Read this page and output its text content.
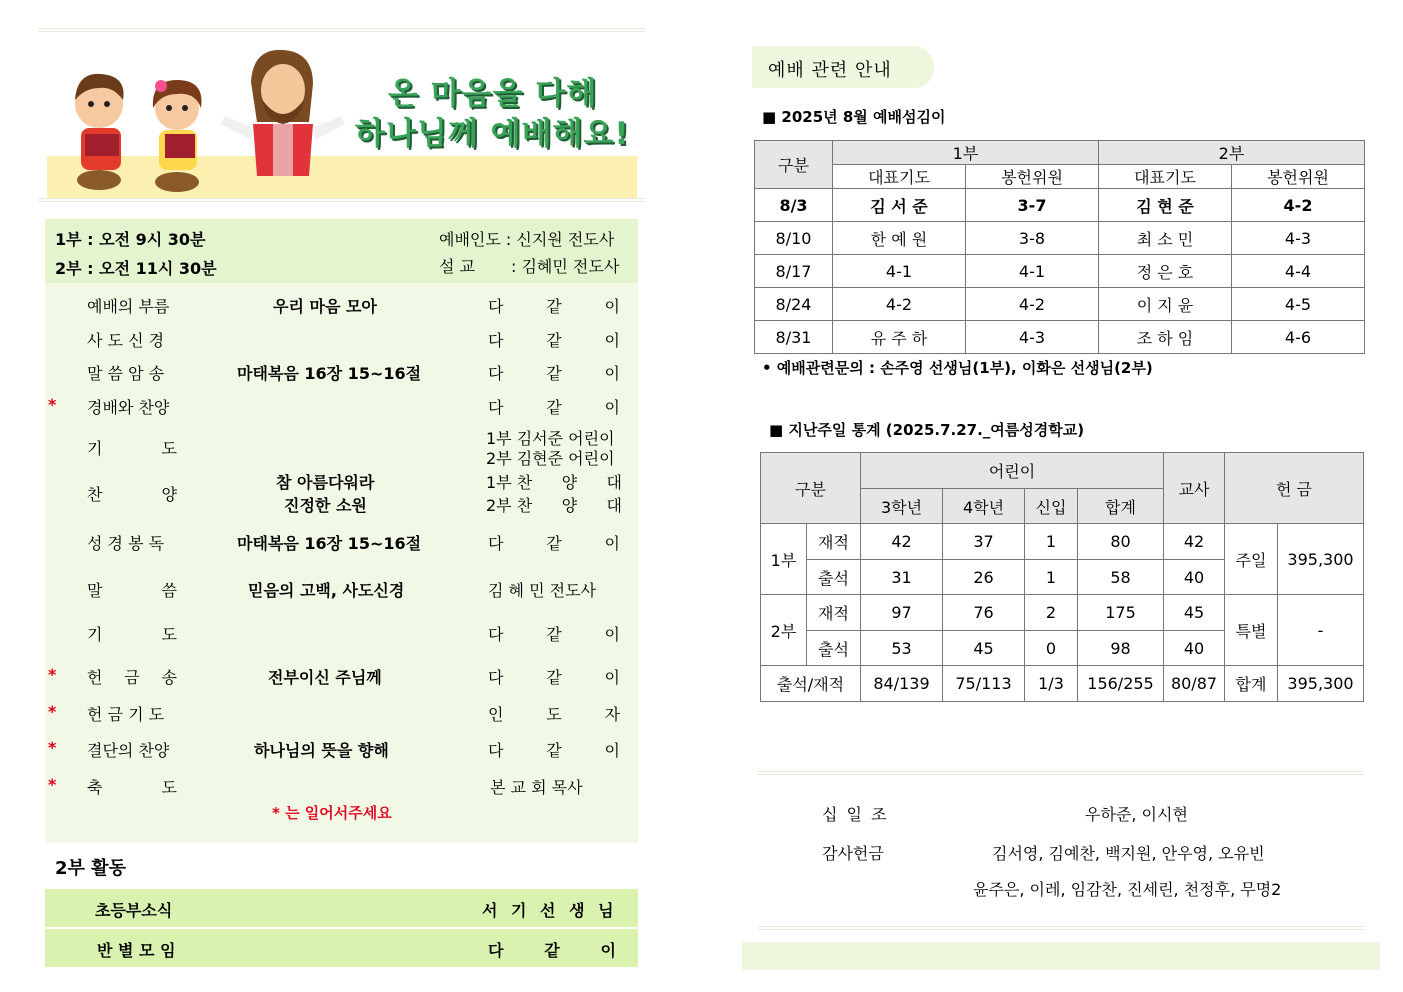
온 마음을 다해
하나님께 예배해요!
1부 : 오전 9시 30분
2부 : 오전 11시 30분
예배인도 : 신지원 전도사
설 교 : 김혜민 전도사
예배의 부름	우리 마음 모아	다	같	이
사 도 신 경	다	같	이
말 씀 암 송	마태복음 16장 15~16절	다	같	이
* 경배와 찬양	다	같	이
기	도
1부 김서준 어린이
2부 김현준 어린이
찬	양
참 아름다워라
진정한 소원
1부 찬 양 대
2부 찬 양 대
성 경 봉 독	마태복음 16장 15~16절	다	같	이
말	씀	믿음의 고백, 사도신경	김 혜 민 전도사
기	도	다	같	이
* 헌 금 송	전부이신 주님께	다	같	이
* 헌 금 기 도	인	도	자
* 결단의 찬양	하나님의 뜻을 향해	다	같	이
* 축	도	본 교 회 목사
* 는 일어서주세요
2부 활동
초등부소식	서 기 선 생 님
반 별 모 임	다	같	이
예배 관련 안내
■ 2025년 8월 예배섬김이
구분	1부		2부	
	대표기도	봉헌위원	대표기도	봉헌위원
8/3	김 서 준	3-7	김 현 준	4-2
8/10	한 예 원	3-8	최 소 민	4-3
8/17	4-1	4-1	정 은 호	4-4
8/24	4-2	4-2	이 지 윤	4-5
8/31	유 주 하	4-3	조 하 임	4-6
• 예배관련문의 : 손주영 선생님(1부), 이화은 선생님(2부)
■ 지난주일 통계 (2025.7.27._여름성경학교)
구분		어린이				교사	헌 금	
		3학년	4학년	신입	합계			
1부	재적	42	37	1	80	42	주일	395,300
	출석	31	26	1	58	40		
2부	재적	97	76	2	175	45	특별	-
	출석	53	45	0	98	40		
출석/재적		84/139	75/113	1/3	156/255	80/87	합계	395,300
십 일 조	우하준, 이시현
감사헌금	김서영, 김예찬, 백지원, 안우영, 오유빈
윤주은, 이레, 임감찬, 진세린, 천정후, 무명2
